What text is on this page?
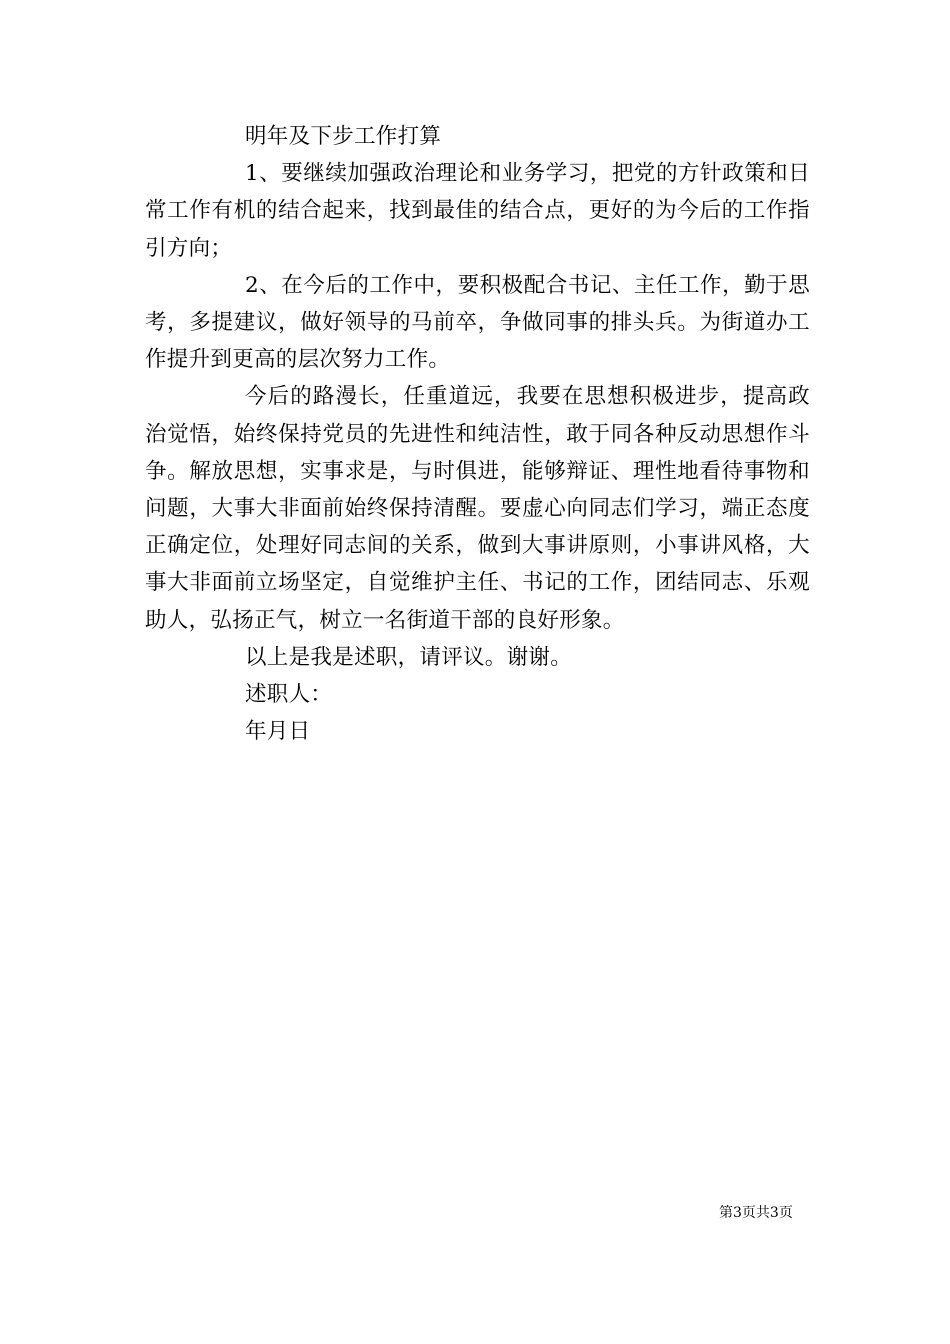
明年及下步工作打算

1、要继续加强政治理论和业务学习，把党的方针政策和日常工作有机的结合起来，找到最佳的结合点，更好的为今后的工作指引方向；

2、在今后的工作中，要积极配合书记、主任工作，勤于思考，多提建议，做好领导的马前卒，争做同事的排头兵。为街道办工作提升到更高的层次努力工作。

今后的路漫长，任重道远，我要在思想积极进步，提高政治觉悟，始终保持党员的先进性和纯洁性，敢于同各种反动思想作斗争。解放思想，实事求是，与时俱进，能够辩证、理性地看待事物和问题，大事大非面前始终保持清醒。要虚心向同志们学习，端正态度正确定位，处理好同志间的关系，做到大事讲原则，小事讲风格，大事大非面前立场坚定，自觉维护主任、书记的工作，团结同志、乐观助人，弘扬正气，树立一名街道干部的良好形象。

以上是我是述职，请评议。谢谢。

述职人：

年月日

第3页共3页
